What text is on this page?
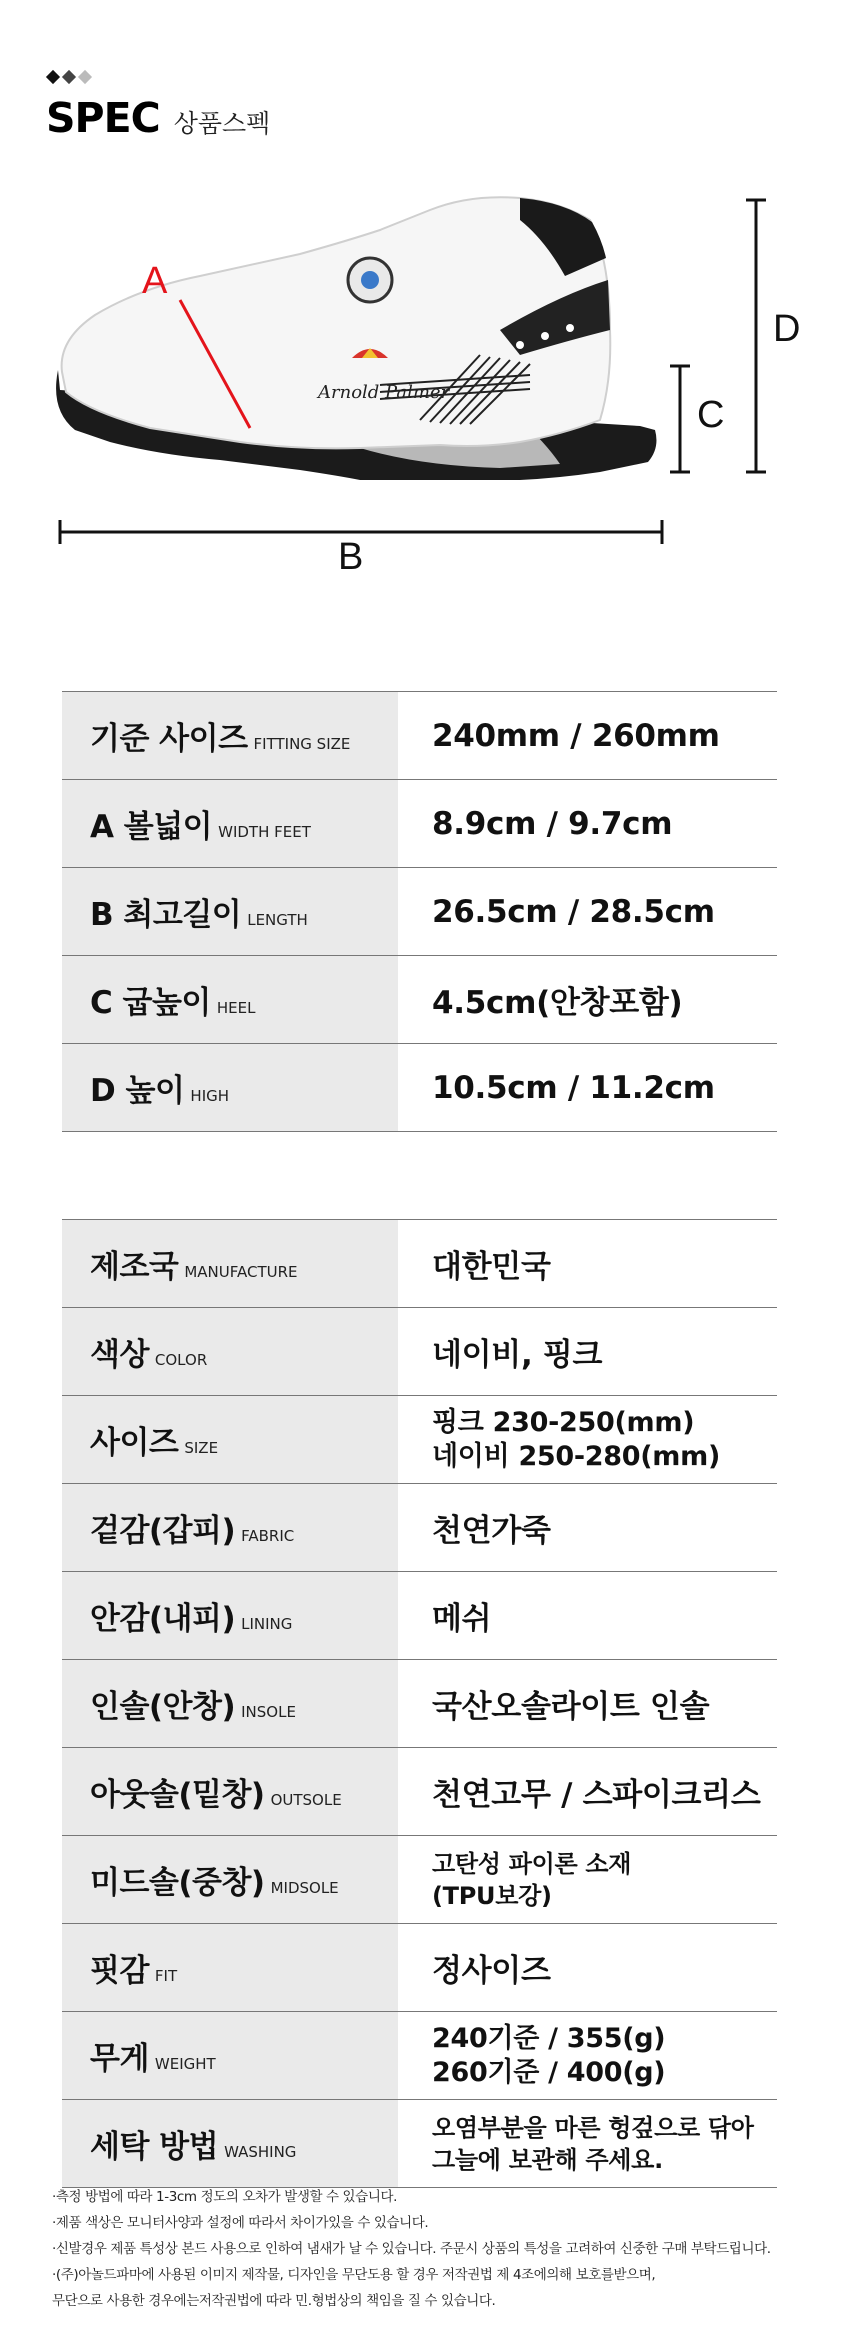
SPEC 상품스펙
Arnold Palmer
A
B
C
D
기준 사이즈 FITTING SIZE	240mm / 260mm
A 볼넓이 WIDTH FEET	8.9cm / 9.7cm
B 최고길이 LENGTH	26.5cm / 28.5cm
C 굽높이 HEEL	4.5cm(안창포함)
D 높이 HIGH	10.5cm / 11.2cm
제조국 MANUFACTURE	대한민국
색상 COLOR	네이비, 핑크
사이즈 SIZE	핑크 230-250(mm)
네이비 250-280(mm)

겉감(갑피) FABRIC	천연가죽
안감(내피) LINING	메쉬
인솔(안창) INSOLE	국산오솔라이트 인솔
아웃솔(밑창) OUTSOLE	천연고무 / 스파이크리스
미드솔(중창) MIDSOLE	고탄성 파이론 소재
(TPU보강)

핏감 FIT	정사이즈
무게 WEIGHT	240기준 / 355(g)
260기준 / 400(g)

세탁 방법 WASHING	오염부분을 마른 헝겊으로 닦아
그늘에 보관해 주세요.
·측정 방법에 따라 1-3cm 정도의 오차가 발생할 수 있습니다.
·제품 색상은 모니터사양과 설정에 따라서 차이가있을 수 있습니다.
·신발경우 제품 특성상 본드 사용으로 인하여 냄새가 날 수 있습니다. 주문시 상품의 특성을 고려하여 신중한 구매 부탁드립니다.
·(주)아놀드파마에 사용된 이미지 제작물, 디자인을 무단도용 할 경우 저작권법 제 4조에의해 보호를받으며,
무단으로 사용한 경우에는저작권법에 따라 민.형법상의 책임을 질 수 있습니다.
